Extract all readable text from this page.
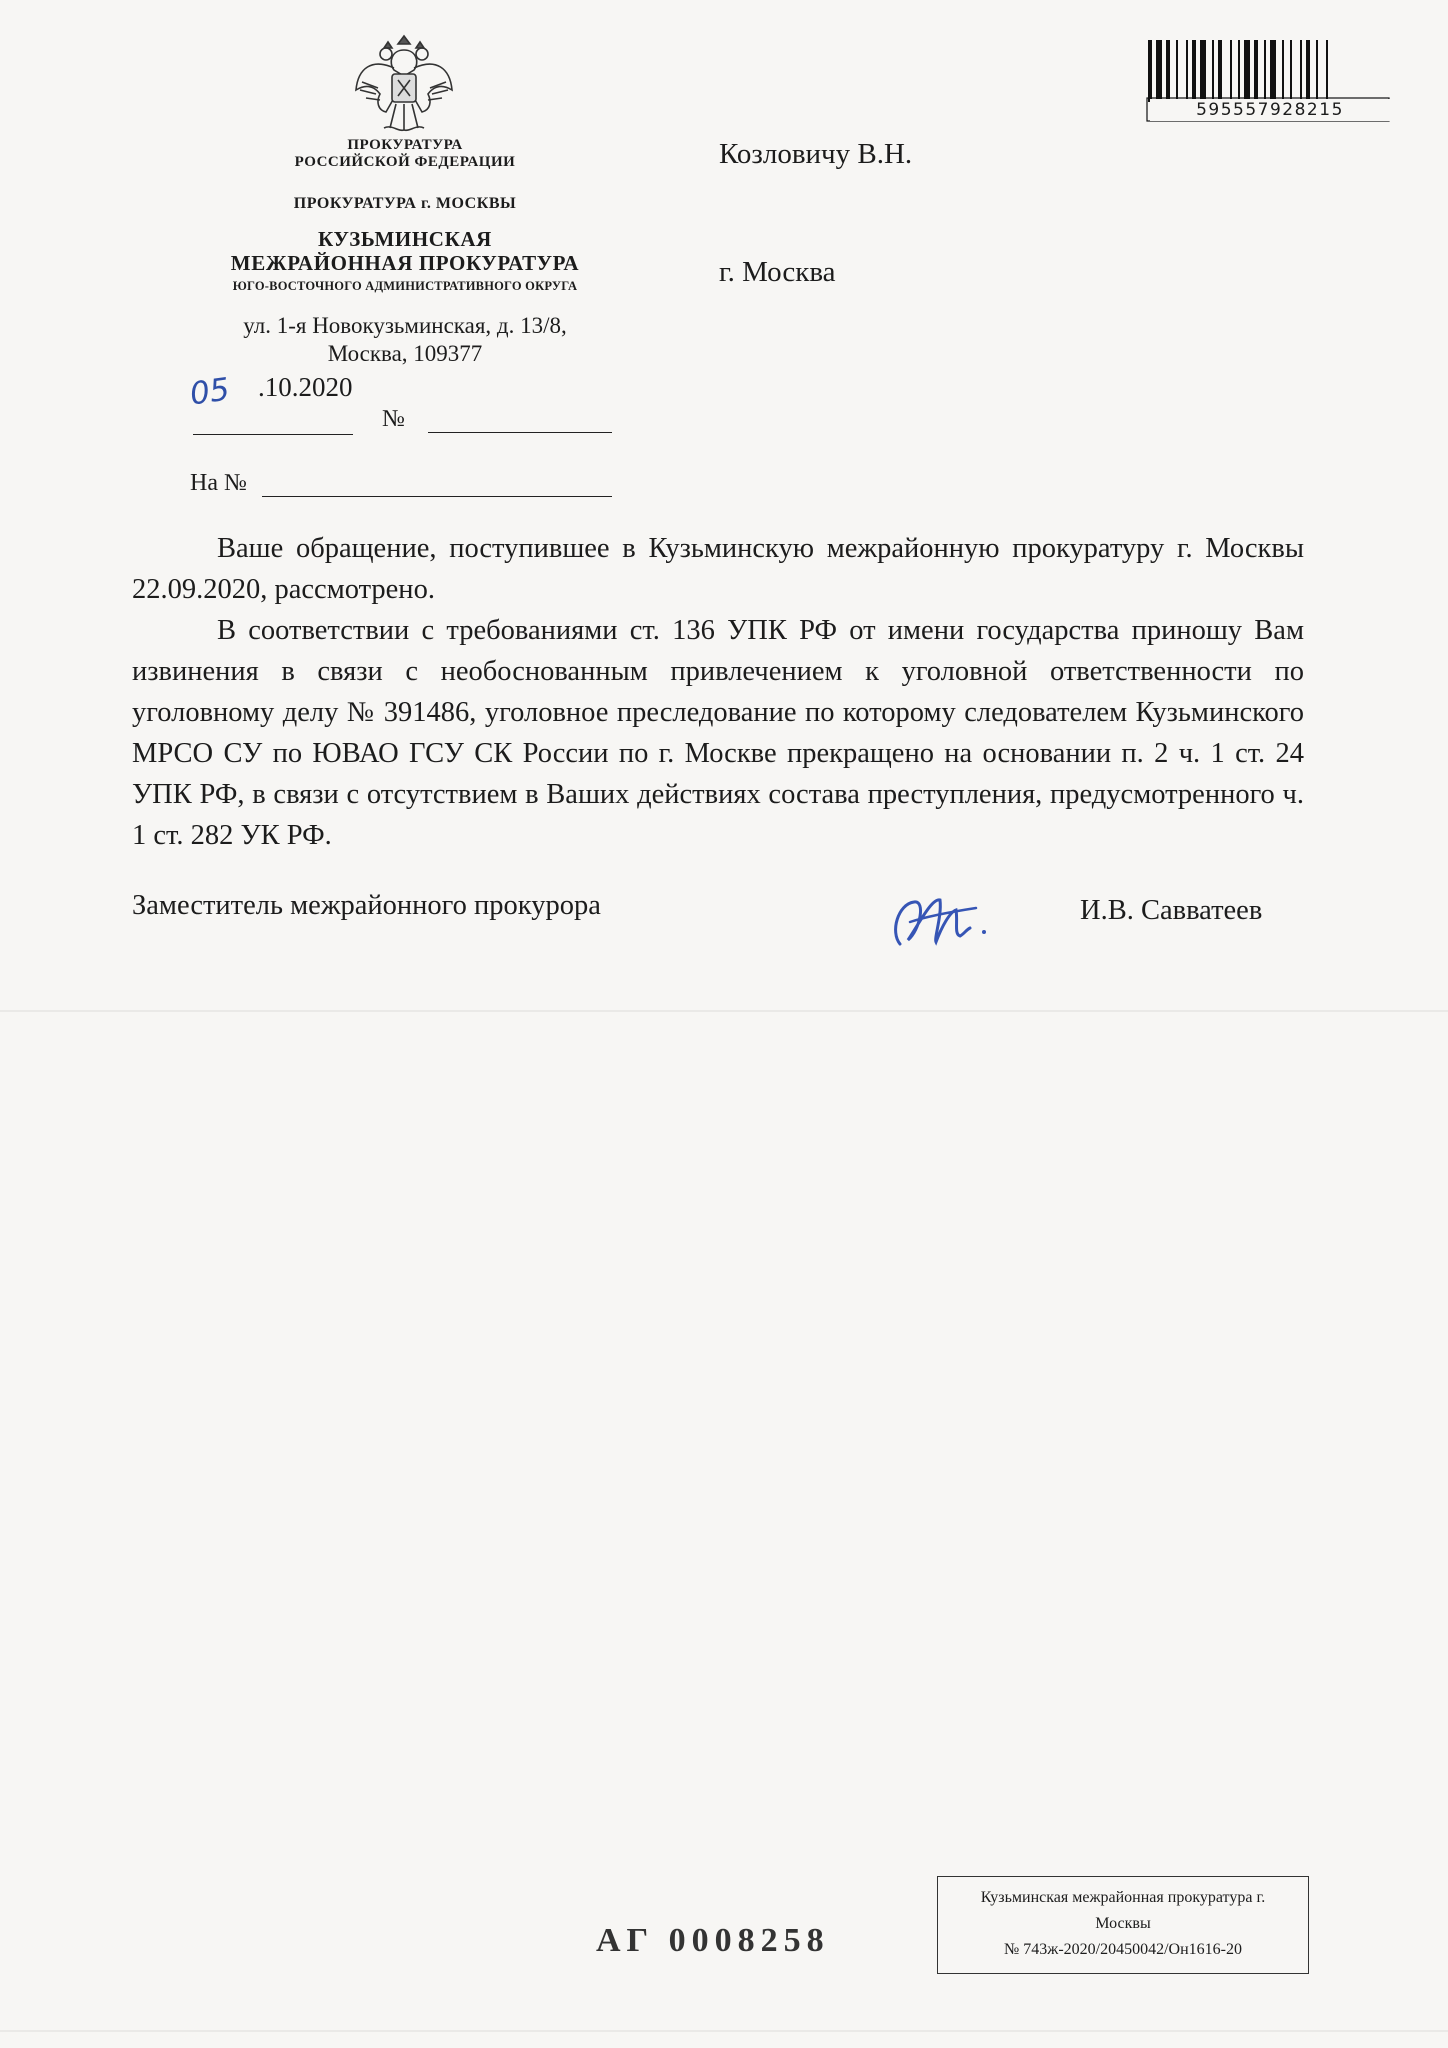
ПРОКУРАТУРА
РОССИЙСКОЙ ФЕДЕРАЦИИ
ПРОКУРАТУРА г. МОСКВЫ
КУЗЬМИНСКАЯ
МЕЖРАЙОННАЯ ПРОКУРАТУРА
ЮГО-ВОСТОЧНОГО АДМИНИСТРАТИВНОГО ОКРУГА
ул. 1-я Новокузьминская, д. 13/8,
Москва, 109377
05 .10.2020
№
На №
Козловичу В.Н.
г. Москва
595557928215

Ваше обращение, поступившее в Кузьминскую межрайонную прокуратуру г. Москвы 22.09.2020, рассмотрено.

В соответствии с требованиями ст. 136 УПК РФ от имени государства приношу Вам извинения в связи с необоснованным привлечением к уголовной ответственности по уголовному делу № 391486, уголовное преследование по которому следователем Кузьминского МРСО СУ по ЮВАО ГСУ СК России по г. Москве прекращено на основании п. 2 ч. 1 ст. 24 УПК РФ, в связи с отсутствием в Ваших действиях состава преступления, предусмотренного ч. 1 ст. 282 УК РФ.

Заместитель межрайонного прокурора	И.В. Савватеев
АГ 0008258
Кузьминская межрайонная прокуратура г.
Москвы
№ 743ж-2020/20450042/Он1616-20
